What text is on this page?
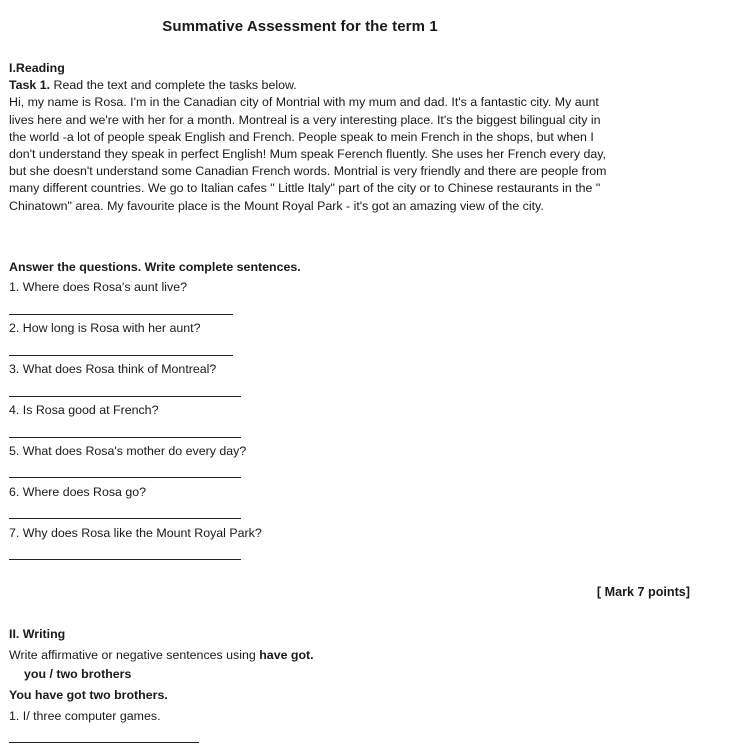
Summative Assessment for the term 1
I.Reading
Task 1. Read the text and complete the tasks below.
Hi, my name is Rosa. I'm in the Canadian city of Montrial with my mum and dad. It's a fantastic city. My aunt
lives here and we're with her for a month. Montreal is a very interesting place. It's the biggest bilingual city in
the world -a lot of people speak English and French. People speak to mein French in the shops, but when I
don't understand they speak in perfect English! Mum speak Ferench fluently. She uses her French every day,
but she doesn't understand some Canadian French words. Montrial is very friendly and there are people from
many different countries. We go to Italian cafes " Little Italy" part of the city or to Chinese restaurants in the "
Chinatown" area. My favourite place is the Mount Royal Park - it's got an amazing view of the city.
Answer the questions. Write complete sentences.
1. Where does Rosa's aunt live?
2. How long is Rosa with her aunt?
3. What does Rosa think of Montreal?
4. Is Rosa good at French?
5. What does Rosa's mother do every day?
6. Where does Rosa go?
7. Why does Rosa like the Mount Royal Park?
[ Mark 7 points]
II. Writing
Write affirmative or negative sentences using have got.
you / two brothers
You have got two brothers.
1. I/ three computer games.
